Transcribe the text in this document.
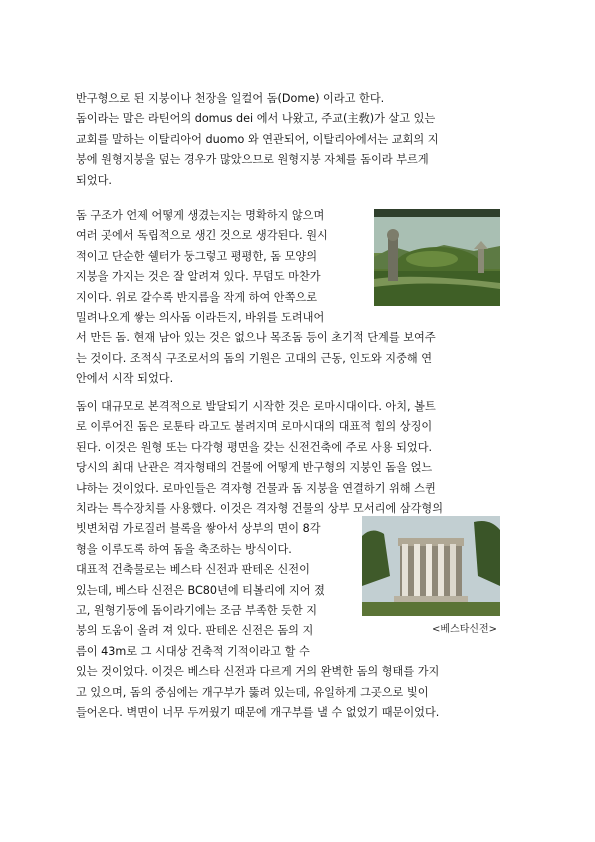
반구형으로 된 지붕이나 천장을 일컬어 돔(Dome) 이라고 한다.
돔이라는 말은 라틴어의 domus dei 에서 나왔고, 주교(主敎)가 살고 있는
교회를 말하는 이탈리아어 duomo 와 연관되어, 이탈리아에서는 교회의 지
붕에 원형지붕을 덮는 경우가 많았으므로 원형지붕 자체를 돔이라 부르게
되었다.

돔 구조가 언제 어떻게 생겼는지는 명확하지 않으며
여러 곳에서 독립적으로 생긴 것으로 생각된다. 원시
적이고 단순한 쉘터가 둥그렇고 평평한, 돔 모양의
지붕을 가지는 것은 잘 알려져 있다. 무덤도 마찬가
지이다. 위로 갈수록 반지름을 작게 하여 안쪽으로
밀려나오게 쌓는 의사돔 이라든지, 바위를 도려내어
서 만든 돔. 현재 남아 있는 것은 없으나 목조돔 등이 초기적 단계를 보여주
는 것이다. 조적식 구조로서의 돔의 기원은 고대의 근동, 인도와 지중해 연
안에서 시작 되었다.

돔이 대규모로 본격적으로 발달되기 시작한 것은 로마시대이다. 아치, 볼트
로 이루어진 돔은 로툰타 라고도 불려지며 로마시대의 대표적 힘의 상징이
된다. 이것은 원형 또는 다각형 평면을 갖는 신전건축에 주로 사용 되었다.
당시의 최대 난관은 격자형태의 건물에 어떻게 반구형의 지붕인 돔을 얹느
냐하는 것이었다. 로마인들은 격자형 건물과 돔 지붕을 연결하기 위해 스퀸
치라는 특수장치를 사용했다. 이것은 격자형 건물의 상부 모서리에 삼각형의
빗변처럼 가로질러 블록을 쌓아서 상부의 면이 8각
형을 이루도록 하여 돔을 축조하는 방식이다.
대표적 건축물로는 베스타 신전과 판테온 신전이
있는데, 베스타 신전은 BC80년에 티볼리에 지어 졌
고, 원형기둥에 돔이라기에는 조금 부족한 듯한 지
붕의 도움이 올려 져 있다. 판테온 신전은 돔의 지
름이 43m로 그 시대상 건축적 기적이라고 할 수
있는 것이었다. 이것은 베스타 신전과 다르게 거의 완벽한 돔의 형태를 가지
고 있으며, 돔의 중심에는 개구부가 뚫려 있는데, 유일하게 그곳으로 빛이
들어온다. 벽면이 너무 두꺼웠기 때문에 개구부를 낼 수 없었기 때문이었다.

<베스타신전>
